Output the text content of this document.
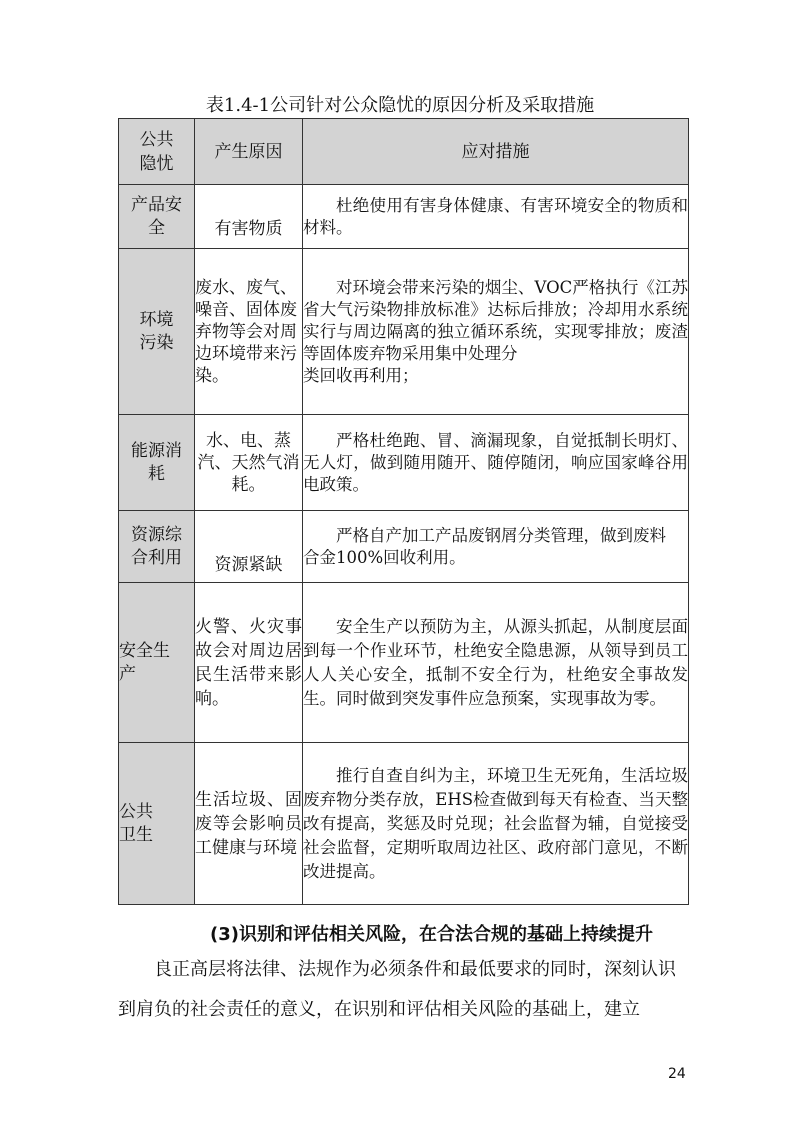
表1.4-1公司针对公众隐忧的原因分析及采取措施
公共
隐忧	产生原因	应对措施
产品安
全	有害物质	杜绝使用有害身体健康、有害环境安全的物质和材料。
环境
污染	废水、废气、噪音、固体废弃物等会对周边环境带来污染。	对环境会带来污染的烟尘、VOC严格执行《江苏省大气污染物排放标准》达标后排放；冷却用水系统实行与周边隔离的独立循环系统，实现零排放；废渣等固体废弃物采用集中处理分
类回收再利用；
能源消
耗	水、电、蒸汽、天然气消耗。	严格杜绝跑、冒、滴漏现象，自觉抵制长明灯、无人灯，做到随用随开、随停随闭，响应国家峰谷用电政策。
资源综
合利用	资源紧缺	严格自产加工产品废钢屑分类管理，做到废料
合金100%回收利用。
安全生
产	火警、火灾事故会对周边居民生活带来影响。	安全生产以预防为主，从源头抓起，从制度层面到每一个作业环节，杜绝安全隐患源，从领导到员工人人关心安全，抵制不安全行为，杜绝安全事故发生。同时做到突发事件应急预案，实现事故为零。
公共
卫生	生活垃圾、固废等会影响员工健康与环境	推行自查自纠为主，环境卫生无死角，生活垃圾废弃物分类存放，EHS检查做到每天有检查、当天整改有提高，奖惩及时兑现；社会监督为辅，自觉接受社会监督，定期听取周边社区、政府部门意见，不断改进提高。
(3)识别和评估相关风险，在合法合规的基础上持续提升

良正高层将法律、法规作为必须条件和最低要求的同时，深刻认识到肩负的社会责任的意义，在识别和评估相关风险的基础上，建立

24
